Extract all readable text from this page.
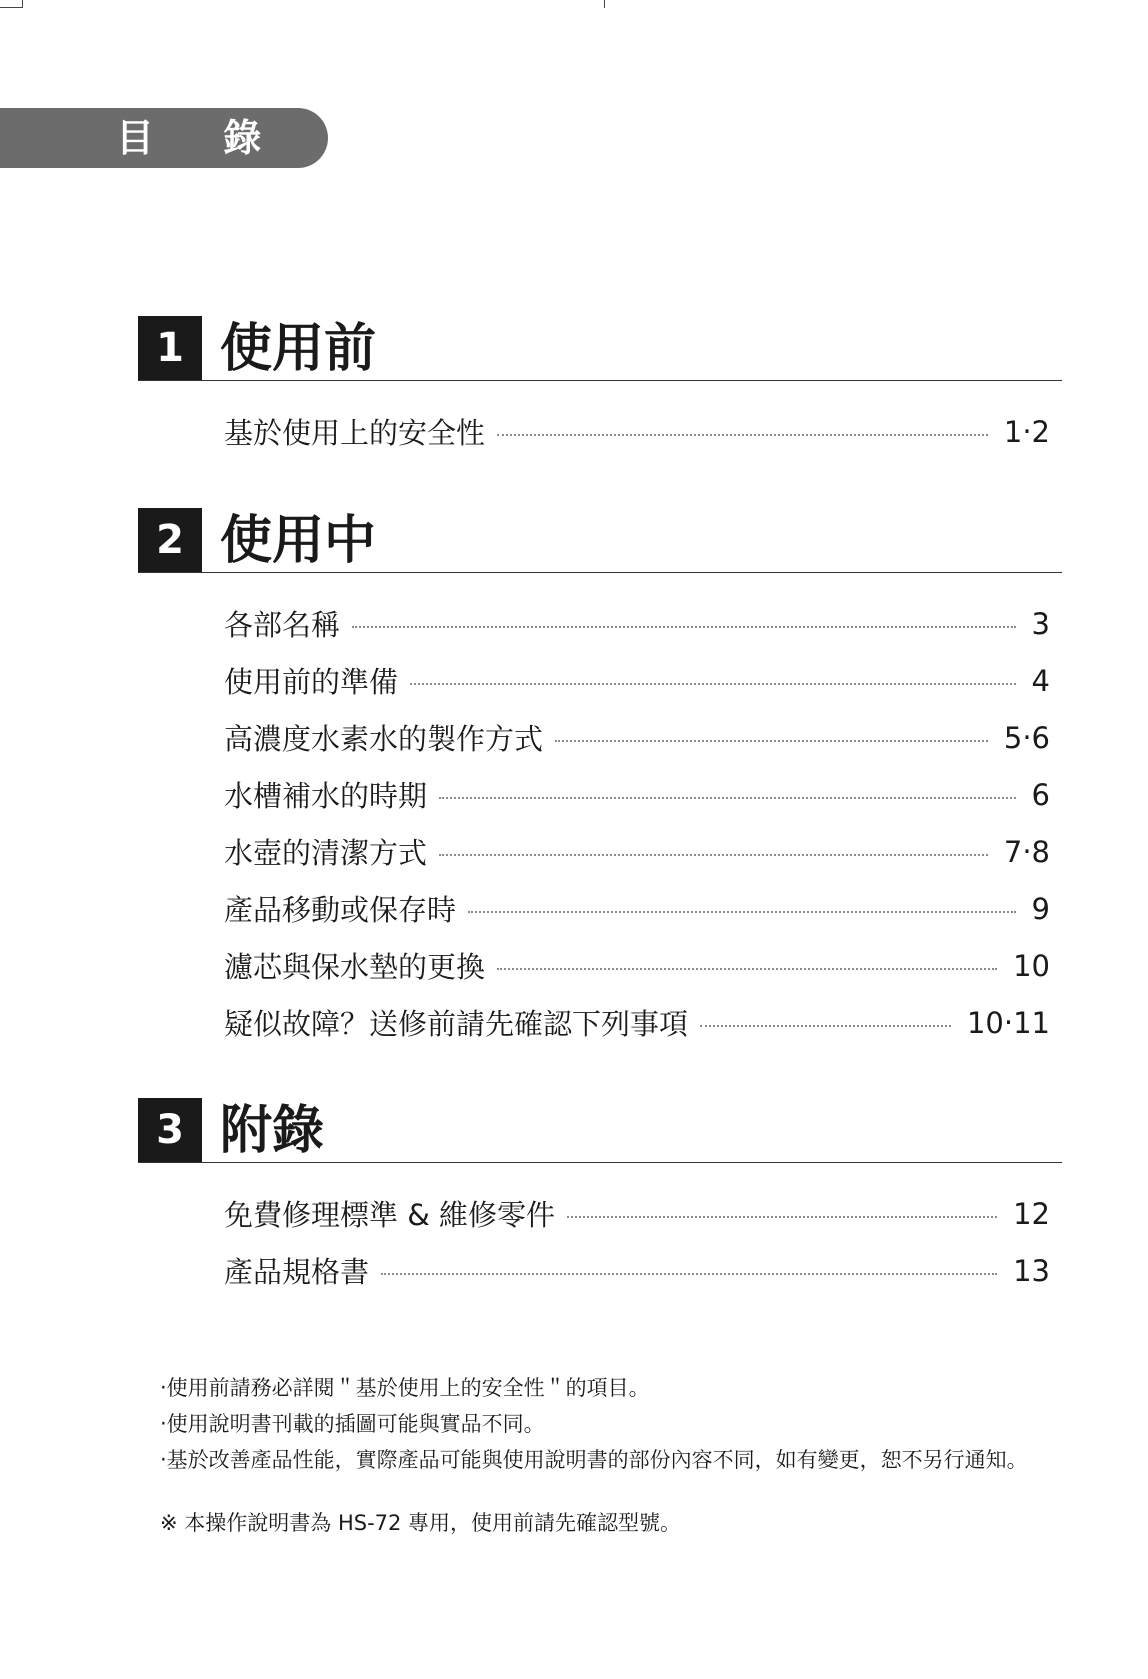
目 錄
1 使用前
基於使用上的安全性	1‧2
2 使用中
各部名稱	3
使用前的準備	4
高濃度水素水的製作方式	5‧6
水槽補水的時期	6
水壺的清潔方式	7‧8
產品移動或保存時	9
濾芯與保水墊的更換	10
疑似故障？送修前請先確認下列事項	10‧11
3 附錄
免費修理標準 & 維修零件	12
產品規格書	13
‧使用前請務必詳閱＂基於使用上的安全性＂的項目。
‧使用說明書刊載的插圖可能與實品不同。
‧基於改善產品性能，實際產品可能與使用說明書的部份內容不同，如有變更，恕不另行通知。
※ 本操作說明書為 HS-72 專用，使用前請先確認型號。
